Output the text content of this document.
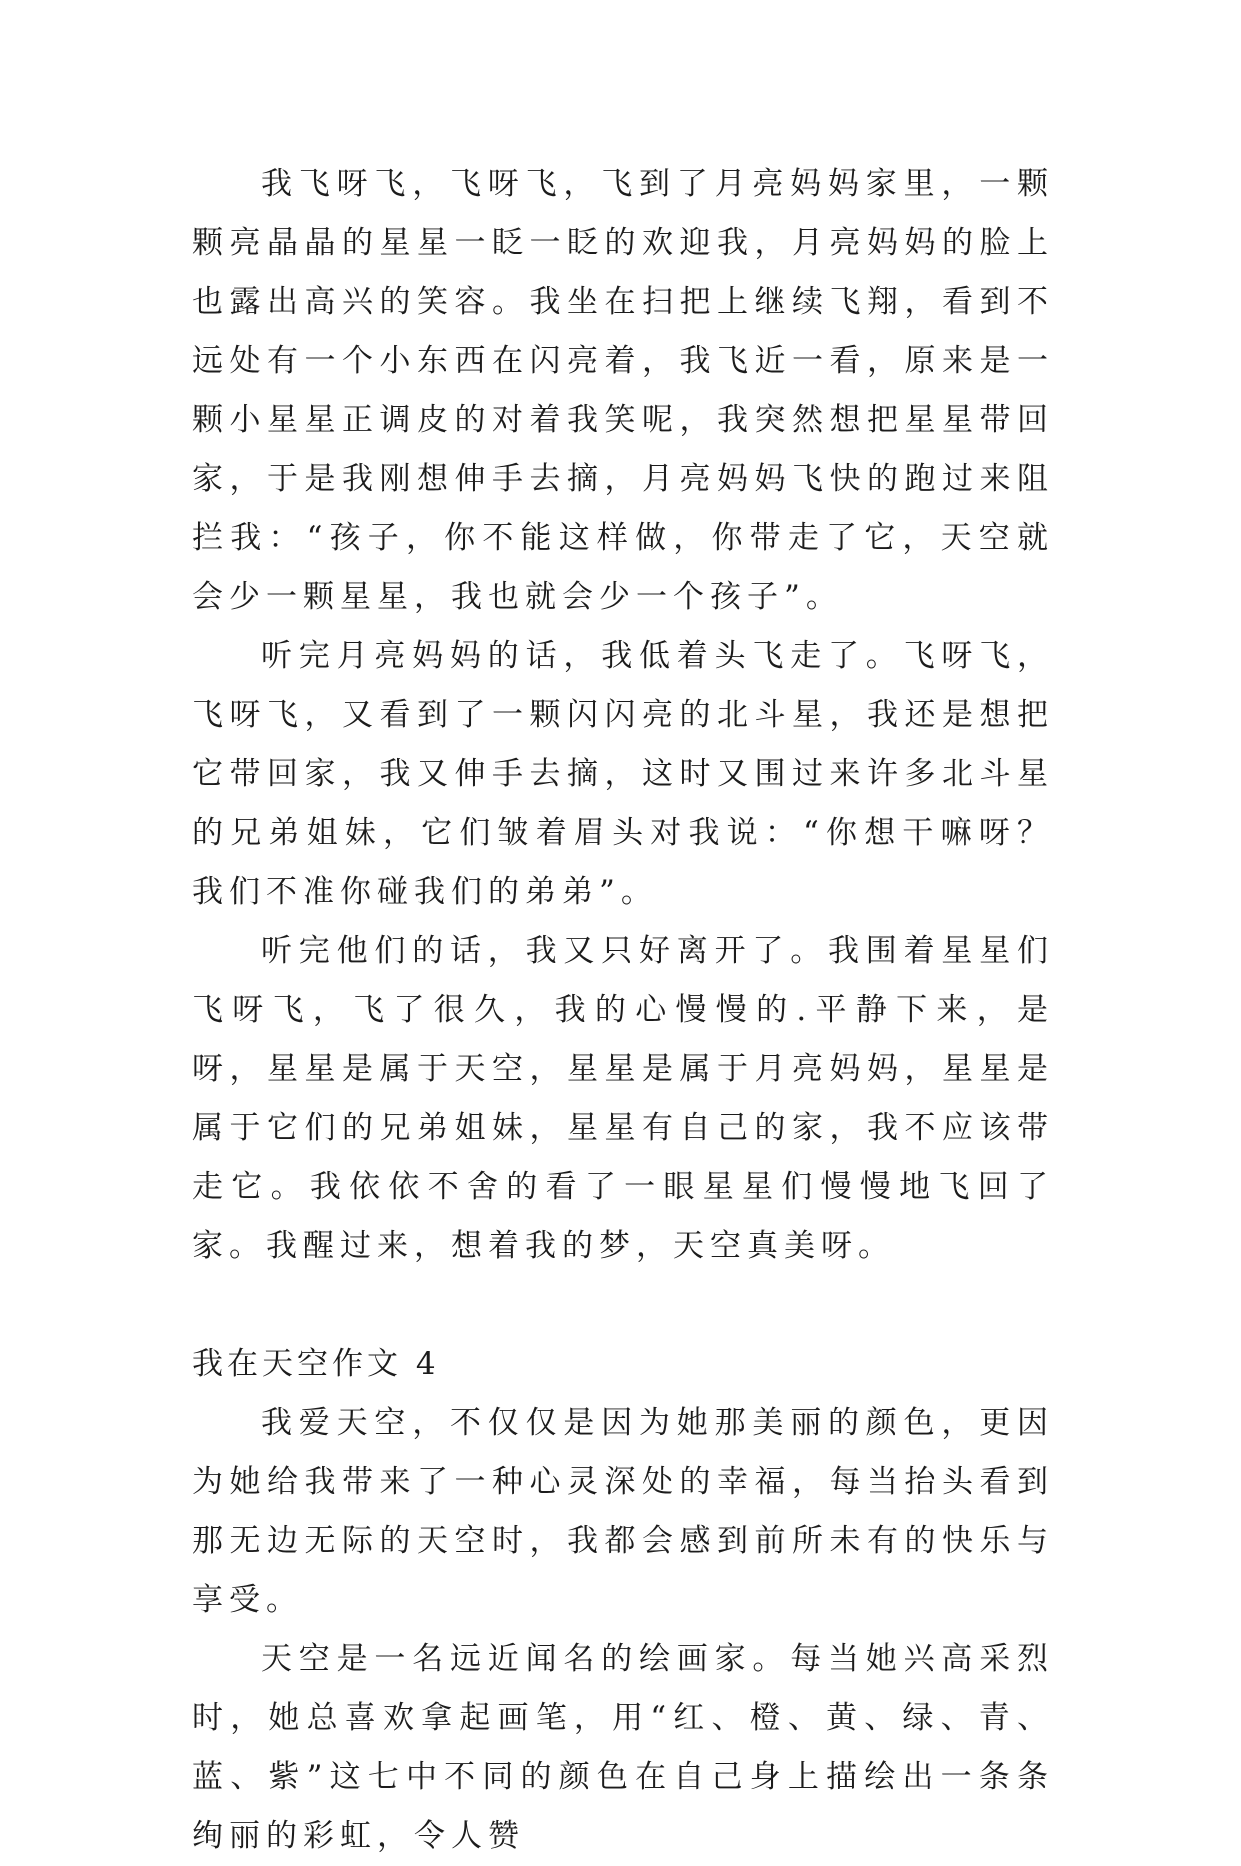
我飞呀飞，飞呀飞，飞到了月亮妈妈家里，一颗颗亮晶晶的星星一眨一眨的欢迎我，月亮妈妈的脸上也露出高兴的笑容。我坐在扫把上继续飞翔，看到不远处有一个小东西在闪亮着，我飞近一看，原来是一颗小星星正调皮的对着我笑呢，我突然想把星星带回家，于是我刚想伸手去摘，月亮妈妈飞快的跑过来阻拦我：“孩子，你不能这样做，你带走了它，天空就会少一颗星星，我也就会少一个孩子”。

听完月亮妈妈的话，我低着头飞走了。飞呀飞，飞呀飞，又看到了一颗闪闪亮的北斗星，我还是想把它带回家，我又伸手去摘，这时又围过来许多北斗星的兄弟姐妹，它们皱着眉头对我说：“你想干嘛呀？我们不准你碰我们的弟弟”。

听完他们的话，我又只好离开了。我围着星星们飞呀飞，飞了很久，我的心慢慢的.平静下来，是呀，星星是属于天空，星星是属于月亮妈妈，星星是属于它们的兄弟姐妹，星星有自己的家，我不应该带走它。我依依不舍的看了一眼星星们慢慢地飞回了家。我醒过来，想着我的梦，天空真美呀。

我在天空作文 4

我爱天空，不仅仅是因为她那美丽的颜色，更因为她给我带来了一种心灵深处的幸福，每当抬头看到那无边无际的天空时，我都会感到前所未有的快乐与享受。

天空是一名远近闻名的绘画家。每当她兴高采烈时，她总喜欢拿起画笔，用“红、橙、黄、绿、青、蓝、紫”这七中不同的颜色在自己身上描绘出一条条绚丽的彩虹，令人赞
